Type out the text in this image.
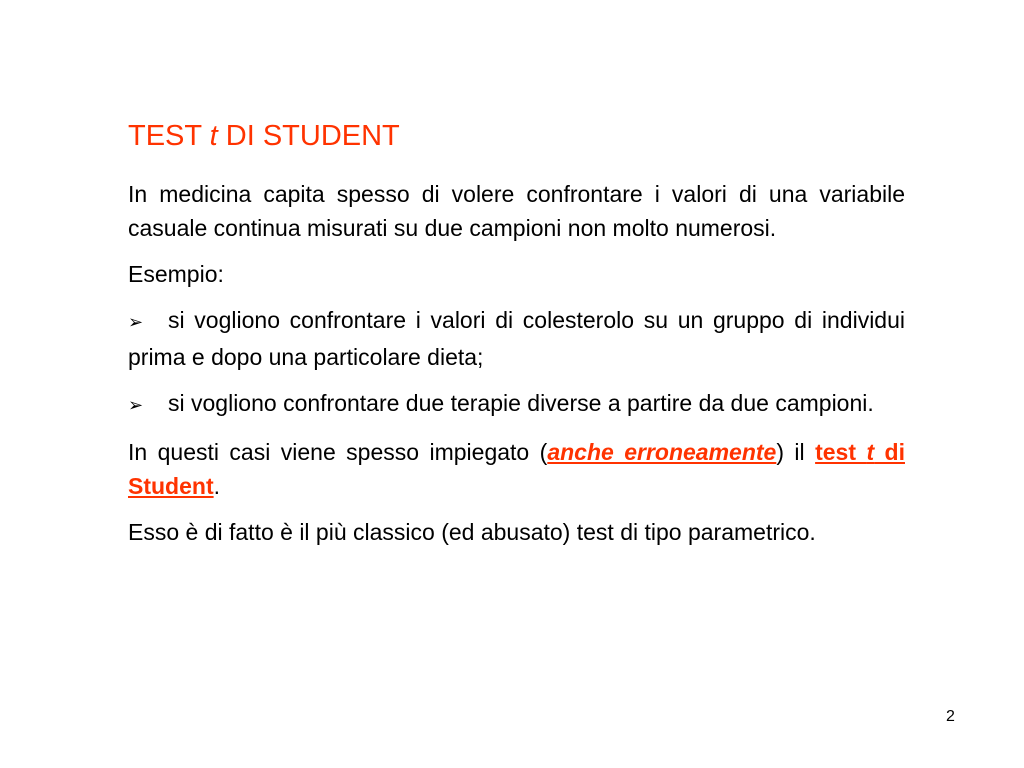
TEST t DI STUDENT

In medicina capita spesso di volere confrontare i valori di una variabile casuale continua misurati su due campioni non molto numerosi.

Esempio:

➢ si vogliono confrontare i valori di colesterolo su un gruppo di individui prima e dopo una particolare dieta;

➢ si vogliono confrontare due terapie diverse a partire da due campioni.

In questi casi viene spesso impiegato (anche erroneamente) il test t di Student.

Esso è di fatto è il più classico (ed abusato) test di tipo parametrico.

2
